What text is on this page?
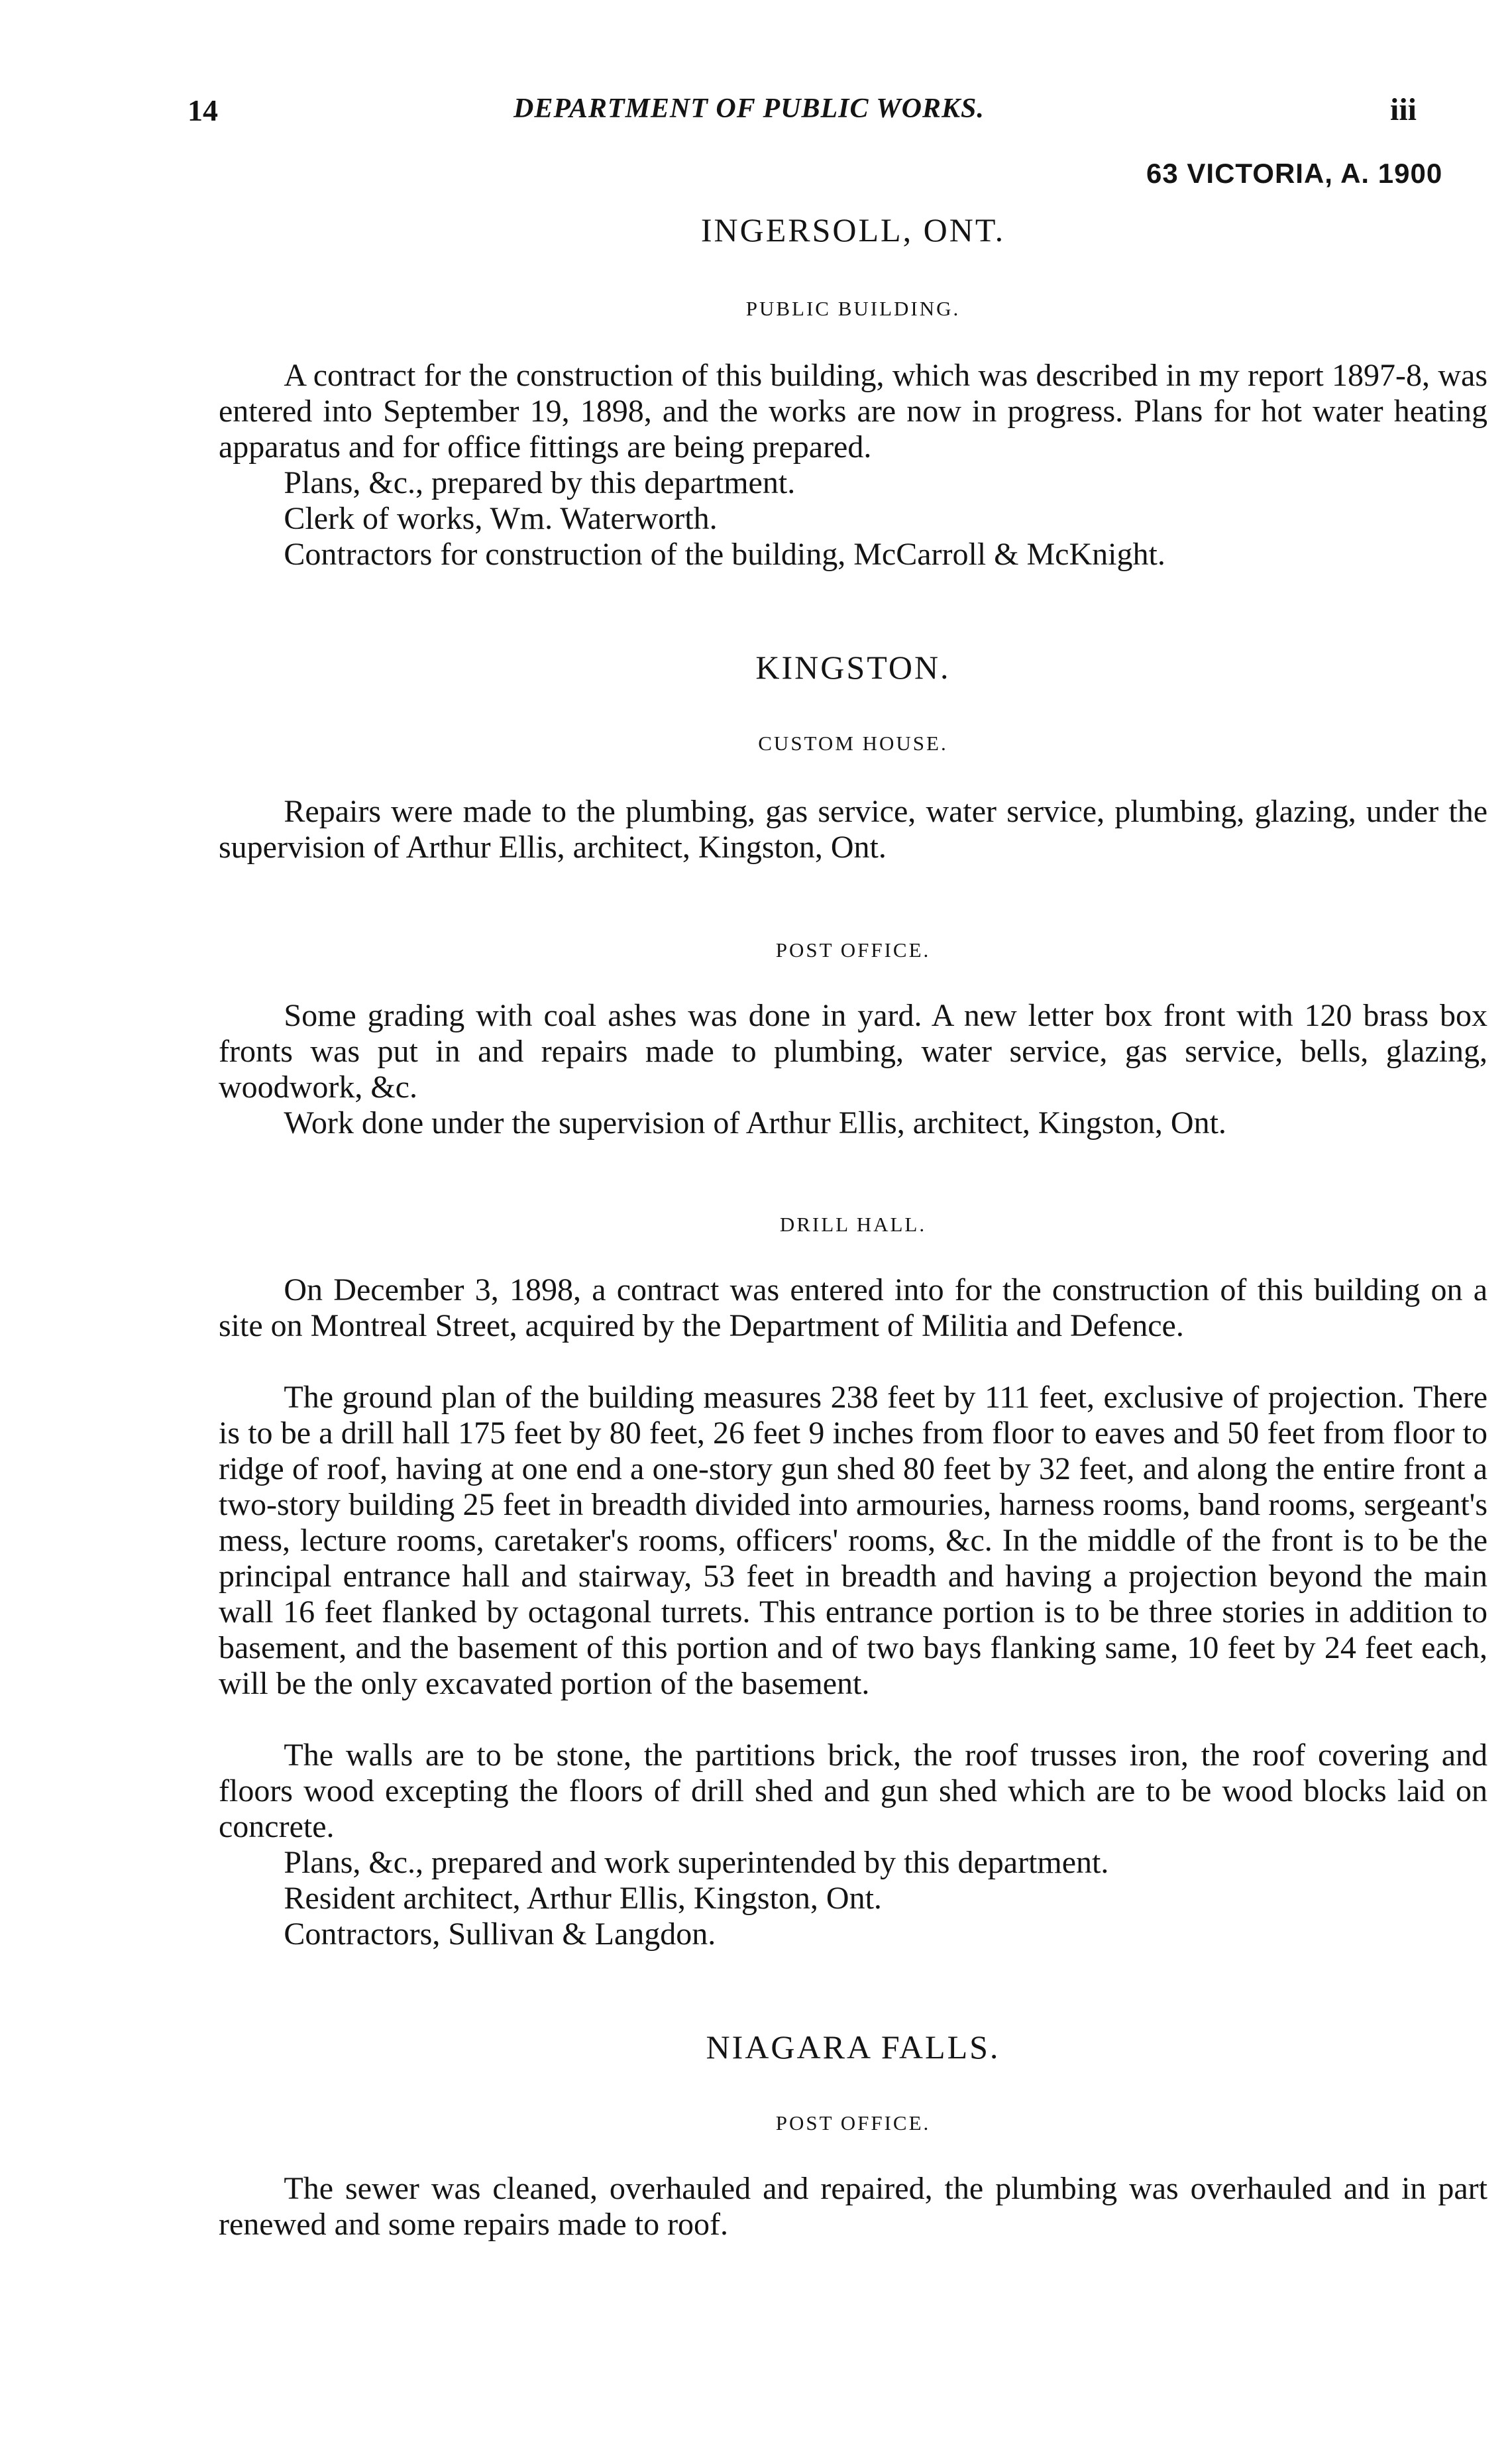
14	DEPARTMENT OF PUBLIC WORKS.	iii
63 VICTORIA, A. 1900
INGERSOLL, ONT.
PUBLIC BUILDING.

A contract for the construction of this building, which was described in my report 1897-8, was entered into September 19, 1898, and the works are now in progress. Plans for hot water heating apparatus and for office fittings are being prepared.

Plans, &c., prepared by this department.

Clerk of works, Wm. Waterworth.

Contractors for construction of the building, McCarroll & McKnight.

KINGSTON.
CUSTOM HOUSE.

Repairs were made to the plumbing, gas service, water service, plumbing, glazing, under the supervision of Arthur Ellis, architect, Kingston, Ont.

POST OFFICE.

Some grading with coal ashes was done in yard. A new letter box front with 120 brass box fronts was put in and repairs made to plumbing, water service, gas service, bells, glazing, woodwork, &c.

Work done under the supervision of Arthur Ellis, architect, Kingston, Ont.

DRILL HALL.

On December 3, 1898, a contract was entered into for the construction of this building on a site on Montreal Street, acquired by the Department of Militia and Defence.

The ground plan of the building measures 238 feet by 111 feet, exclusive of projection. There is to be a drill hall 175 feet by 80 feet, 26 feet 9 inches from floor to eaves and 50 feet from floor to ridge of roof, having at one end a one-story gun shed 80 feet by 32 feet, and along the entire front a two-story building 25 feet in breadth divided into armouries, harness rooms, band rooms, sergeant's mess, lecture rooms, caretaker's rooms, officers' rooms, &c. In the middle of the front is to be the principal entrance hall and stairway, 53 feet in breadth and having a projection beyond the main wall 16 feet flanked by octagonal turrets. This entrance portion is to be three stories in addition to basement, and the basement of this portion and of two bays flanking same, 10 feet by 24 feet each, will be the only excavated portion of the basement.

The walls are to be stone, the partitions brick, the roof trusses iron, the roof covering and floors wood excepting the floors of drill shed and gun shed which are to be wood blocks laid on concrete.

Plans, &c., prepared and work superintended by this department.

Resident architect, Arthur Ellis, Kingston, Ont.

Contractors, Sullivan & Langdon.

NIAGARA FALLS.
POST OFFICE.

The sewer was cleaned, overhauled and repaired, the plumbing was overhauled and in part renewed and some repairs made to roof.
